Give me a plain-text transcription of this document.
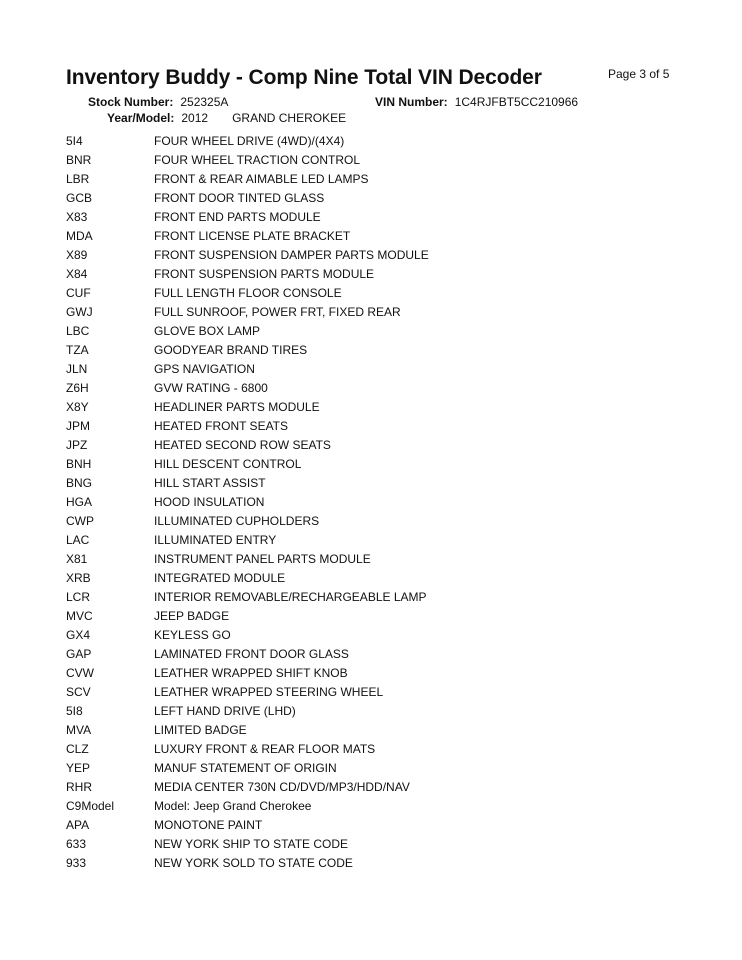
Page 3 of 5
Inventory Buddy - Comp Nine Total VIN Decoder
Stock Number: 252325A	VIN Number: 1C4RJFBT5CC210966
Year/Model: 2012 GRAND CHEROKEE
5I4	FOUR WHEEL DRIVE (4WD)/(4X4)
BNR	FOUR WHEEL TRACTION CONTROL
LBR	FRONT & REAR AIMABLE LED LAMPS
GCB	FRONT DOOR TINTED GLASS
X83	FRONT END PARTS MODULE
MDA	FRONT LICENSE PLATE BRACKET
X89	FRONT SUSPENSION DAMPER PARTS MODULE
X84	FRONT SUSPENSION PARTS MODULE
CUF	FULL LENGTH FLOOR CONSOLE
GWJ	FULL SUNROOF, POWER FRT, FIXED REAR
LBC	GLOVE BOX LAMP
TZA	GOODYEAR BRAND TIRES
JLN	GPS NAVIGATION
Z6H	GVW RATING - 6800
X8Y	HEADLINER PARTS MODULE
JPM	HEATED FRONT SEATS
JPZ	HEATED SECOND ROW SEATS
BNH	HILL DESCENT CONTROL
BNG	HILL START ASSIST
HGA	HOOD INSULATION
CWP	ILLUMINATED CUPHOLDERS
LAC	ILLUMINATED ENTRY
X81	INSTRUMENT PANEL PARTS MODULE
XRB	INTEGRATED MODULE
LCR	INTERIOR REMOVABLE/RECHARGEABLE LAMP
MVC	JEEP BADGE
GX4	KEYLESS GO
GAP	LAMINATED FRONT DOOR GLASS
CVW	LEATHER WRAPPED SHIFT KNOB
SCV	LEATHER WRAPPED STEERING WHEEL
5I8	LEFT HAND DRIVE (LHD)
MVA	LIMITED BADGE
CLZ	LUXURY FRONT & REAR FLOOR MATS
YEP	MANUF STATEMENT OF ORIGIN
RHR	MEDIA CENTER 730N CD/DVD/MP3/HDD/NAV
C9Model	Model: Jeep Grand Cherokee
APA	MONOTONE PAINT
633	NEW YORK SHIP TO STATE CODE
933	NEW YORK SOLD TO STATE CODE
